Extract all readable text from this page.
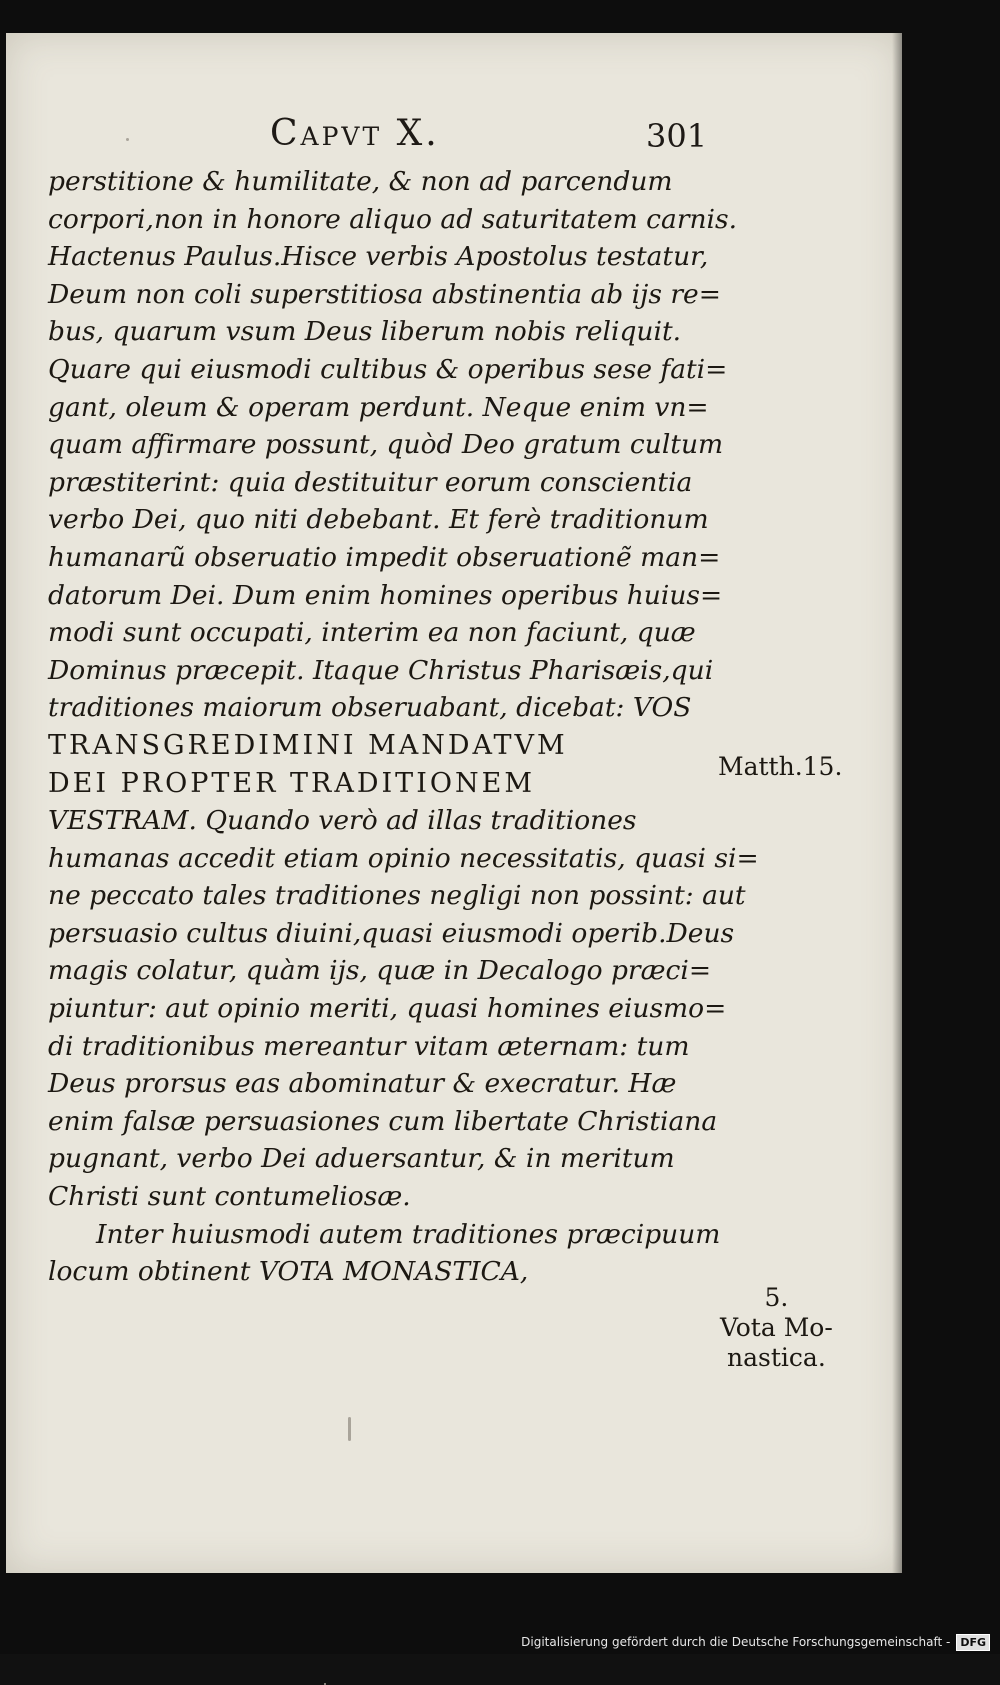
Capvt X.	301
perstitione & humilitate, & non ad parcendum
corpori,non in honore aliquo ad saturitatem carnis.
Hactenus Paulus.Hisce verbis Apostolus testatur,
Deum non coli superstitiosa abstinentia ab ijs re=
bus, quarum vsum Deus liberum nobis reliquit.
Quare qui eiusmodi cultibus & operibus sese fati=
gant, oleum & operam perdunt. Neque enim vn=
quam affirmare possunt, quòd Deo gratum cultum
præstiterint: quia destituitur eorum conscientia
verbo Dei, quo niti debebant. Et ferè traditionum
humanarũ obseruatio impedit obseruationẽ man=
datorum Dei. Dum enim homines operibus huius=
modi sunt occupati, interim ea non faciunt, quæ
Dominus præcepit. Itaque Christus Pharisæis,qui
traditiones maiorum obseruabant, dicebat: VOS
TRANSGREDIMINI MANDATVM
DEI PROPTER TRADITIONEM
VESTRAM. Quando verò ad illas traditiones
humanas accedit etiam opinio necessitatis, quasi si=
ne peccato tales traditiones negligi non possint: aut
persuasio cultus diuini,quasi eiusmodi operib.Deus
magis colatur, quàm ijs, quæ in Decalogo præci=
piuntur: aut opinio meriti, quasi homines eiusmo=
di traditionibus mereantur vitam æternam: tum
Deus prorsus eas abominatur & execratur. Hæ
enim falsæ persuasiones cum libertate Christiana
pugnant, verbo Dei aduersantur, & in meritum
Christi sunt contumeliosæ.
Inter huiusmodi autem traditiones præcipuum
locum obtinent VOTA MONASTICA,
Matth.15.
5.
Vota Mo-
nastica.
Digitalisierung gefördert durch die Deutsche Forschungsgemeinschaft - DFG
